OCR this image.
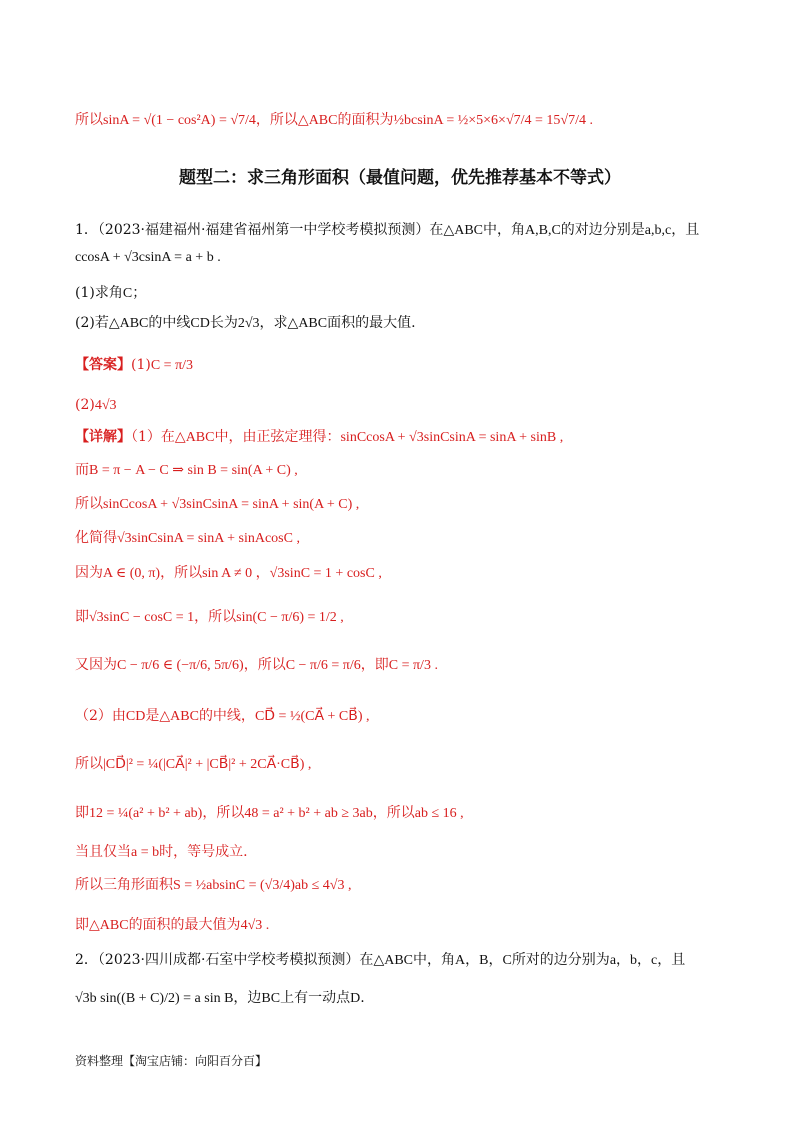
题型二：求三角形面积（最值问题，优先推荐基本不等式）
所以sinA = √(1 − cos²A) = √7/4，所以△ABC的面积为½bcsinA = ½×5×6×√7/4 = 15√7/4 .
1．（2023·福建福州·福建省福州第一中学校考模拟预测）在△ABC中，角A,B,C的对边分别是a,b,c，且
ccosA + √3csinA = a + b .
(1)求角C；
(2)若△ABC的中线CD长为2√3，求△ABC面积的最大值.
【答案】(1)C = π/3
(2)4√3
【详解】（1）在△ABC中，由正弦定理得：sinCcosA + √3sinCsinA = sinA + sinB ,
而B = π − A − C ⇒ sin B = sin(A + C) ,
所以sinCcosA + √3sinCsinA = sinA + sin(A + C) ,
化简得√3sinCsinA = sinA + sinAcosC ,
因为A ∈ (0, π)，所以sin A ≠ 0 ，√3sinC = 1 + cosC ,
即√3sinC − cosC = 1，所以sin(C − π/6) = 1/2 ,
又因为C − π/6 ∈ (−π/6, 5π/6)，所以C − π/6 = π/6，即C = π/3 .
（2）由CD是△ABC的中线，CD⃗ = ½(CA⃗ + CB⃗) ,
所以|CD⃗|² = ¼(|CA⃗|² + |CB⃗|² + 2CA⃗·CB⃗) ,
即12 = ¼(a² + b² + ab)，所以48 = a² + b² + ab ≥ 3ab，所以ab ≤ 16 ,
当且仅当a = b时，等号成立.
所以三角形面积S = ½absinC = (√3/4)ab ≤ 4√3 ,
即△ABC的面积的最大值为4√3 .
2．（2023·四川成都·石室中学校考模拟预测）在△ABC中，角A，B，C所对的边分别为a，b，c，且
√3b sin((B + C)/2) = a sin B，边BC上有一动点D.
资料整理【淘宝店铺：向阳百分百】
